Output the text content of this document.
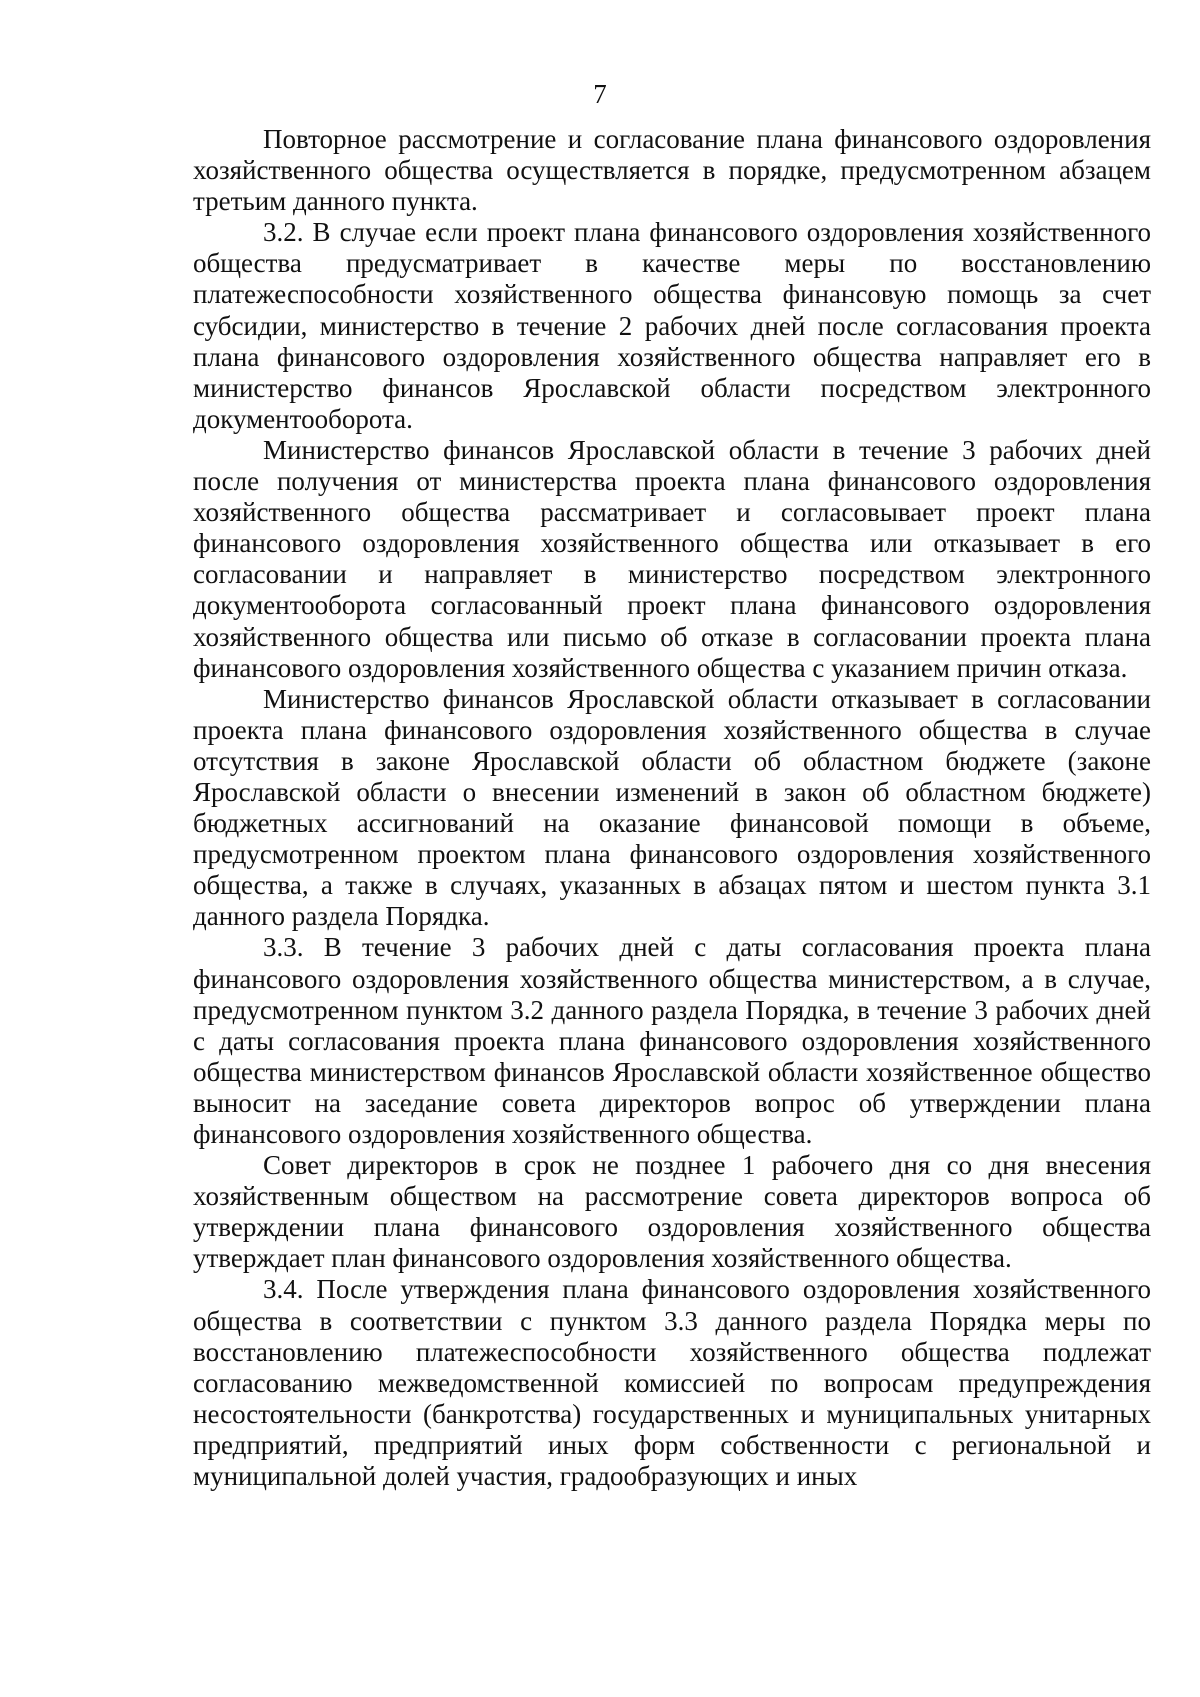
7

Повторное рассмотрение и согласование плана финансового оздоровления хозяйственного общества осуществляется в порядке, предусмотренном абзацем третьим данного пункта.

3.2. В случае если проект плана финансового оздоровления хозяйственного общества предусматривает в качестве меры по восстановлению платежеспособности хозяйственного общества финансовую помощь за счет субсидии, министерство в течение 2 рабочих дней после согласования проекта плана финансового оздоровления хозяйственного общества направляет его в министерство финансов Ярославской области посредством электронного документооборота.

Министерство финансов Ярославской области в течение 3 рабочих дней после получения от министерства проекта плана финансового оздоровления хозяйственного общества рассматривает и согласовывает проект плана финансового оздоровления хозяйственного общества или отказывает в его согласовании и направляет в министерство посредством электронного документооборота согласованный проект плана финансового оздоровления хозяйственного общества или письмо об отказе в согласовании проекта плана финансового оздоровления хозяйственного общества с указанием причин отказа.

Министерство финансов Ярославской области отказывает в согласовании проекта плана финансового оздоровления хозяйственного общества в случае отсутствия в законе Ярославской области об областном бюджете (законе Ярославской области о внесении изменений в закон об областном бюджете) бюджетных ассигнований на оказание финансовой помощи в объеме, предусмотренном проектом плана финансового оздоровления хозяйственного общества, а также в случаях, указанных в абзацах пятом и шестом пункта 3.1 данного раздела Порядка.

3.3. В течение 3 рабочих дней с даты согласования проекта плана финансового оздоровления хозяйственного общества министерством, а в случае, предусмотренном пунктом 3.2 данного раздела Порядка, в течение 3 рабочих дней с даты согласования проекта плана финансового оздоровления хозяйственного общества министерством финансов Ярославской области хозяйственное общество выносит на заседание совета директоров вопрос об утверждении плана финансового оздоровления хозяйственного общества.

Совет директоров в срок не позднее 1 рабочего дня со дня внесения хозяйственным обществом на рассмотрение совета директоров вопроса об утверждении плана финансового оздоровления хозяйственного общества утверждает план финансового оздоровления хозяйственного общества.

3.4. После утверждения плана финансового оздоровления хозяйственного общества в соответствии с пунктом 3.3 данного раздела Порядка меры по восстановлению платежеспособности хозяйственного общества подлежат согласованию межведомственной комиссией по вопросам предупреждения несостоятельности (банкротства) государственных и муниципальных унитарных предприятий, предприятий иных форм собственности с региональной и муниципальной долей участия, градообразующих и иных
